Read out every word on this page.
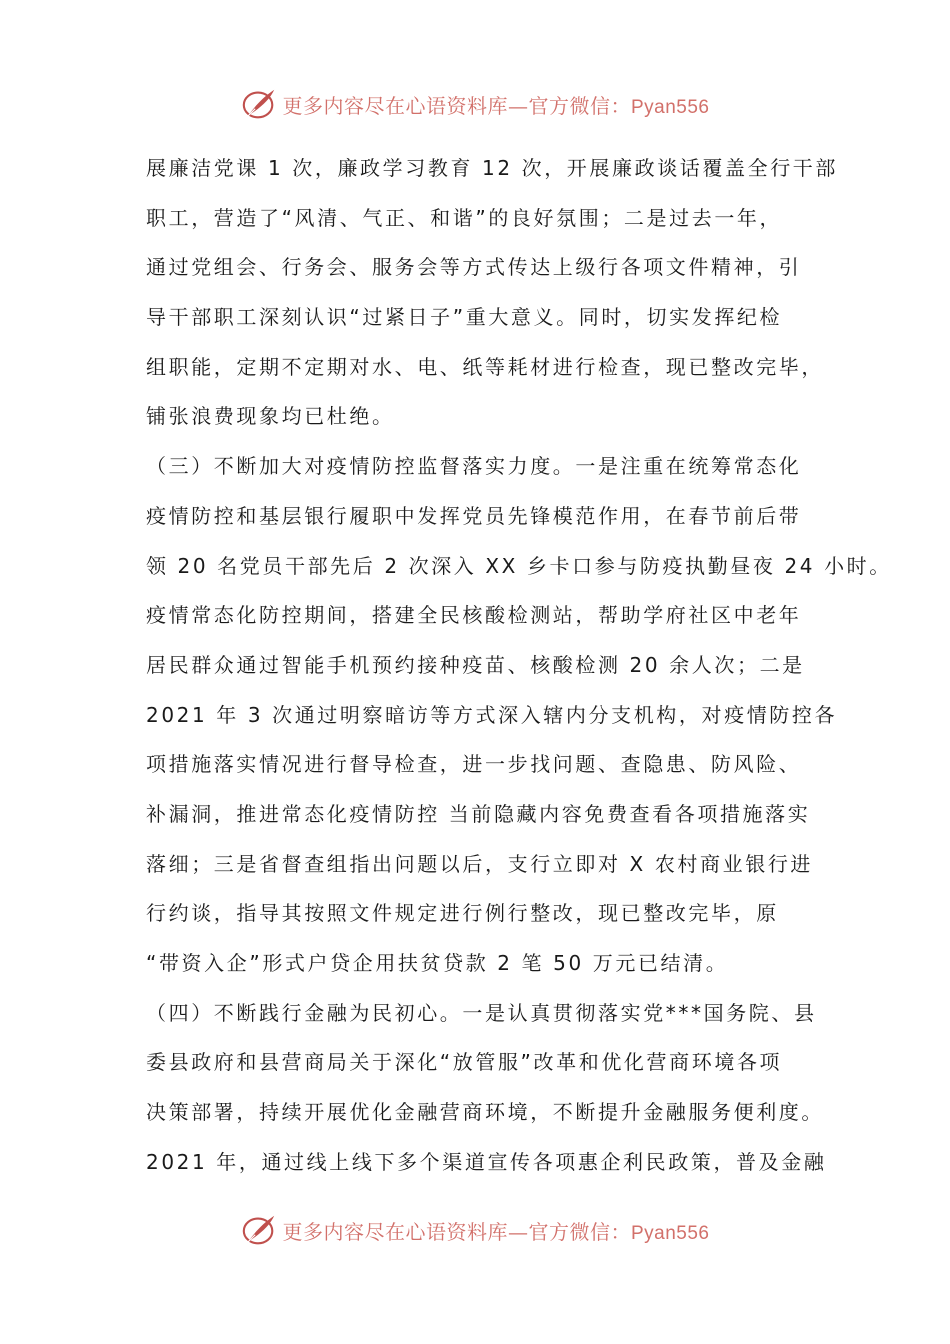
更多内容尽在心语资料库—官方微信：Pyan556
展廉洁党课 1 次，廉政学习教育 12 次，开展廉政谈话覆盖全行干部
职工，营造了“风清、气正、和谐”的良好氛围；二是过去一年，
通过党组会、行务会、服务会等方式传达上级行各项文件精神，引
导干部职工深刻认识“过紧日子”重大意义。同时，切实发挥纪检
组职能，定期不定期对水、电、纸等耗材进行检查，现已整改完毕，
铺张浪费现象均已杜绝。
（三）不断加大对疫情防控监督落实力度。一是注重在统筹常态化
疫情防控和基层银行履职中发挥党员先锋模范作用，在春节前后带
领 20 名党员干部先后 2 次深入 XX 乡卡口参与防疫执勤昼夜 24 小时。
疫情常态化防控期间，搭建全民核酸检测站，帮助学府社区中老年
居民群众通过智能手机预约接种疫苗、核酸检测 20 余人次；二是
2021 年 3 次通过明察暗访等方式深入辖内分支机构，对疫情防控各
项措施落实情况进行督导检查，进一步找问题、查隐患、防风险、
补漏洞，推进常态化疫情防控 当前隐藏内容免费查看各项措施落实
落细；三是省督查组指出问题以后，支行立即对 X 农村商业银行进
行约谈，指导其按照文件规定进行例行整改，现已整改完毕，原
“带资入企”形式户贷企用扶贫贷款 2 笔 50 万元已结清。
（四）不断践行金融为民初心。一是认真贯彻落实党***国务院、县
委县政府和县营商局关于深化“放管服”改革和优化营商环境各项
决策部署，持续开展优化金融营商环境，不断提升金融服务便利度。
2021 年，通过线上线下多个渠道宣传各项惠企利民政策，普及金融
更多内容尽在心语资料库—官方微信：Pyan556
